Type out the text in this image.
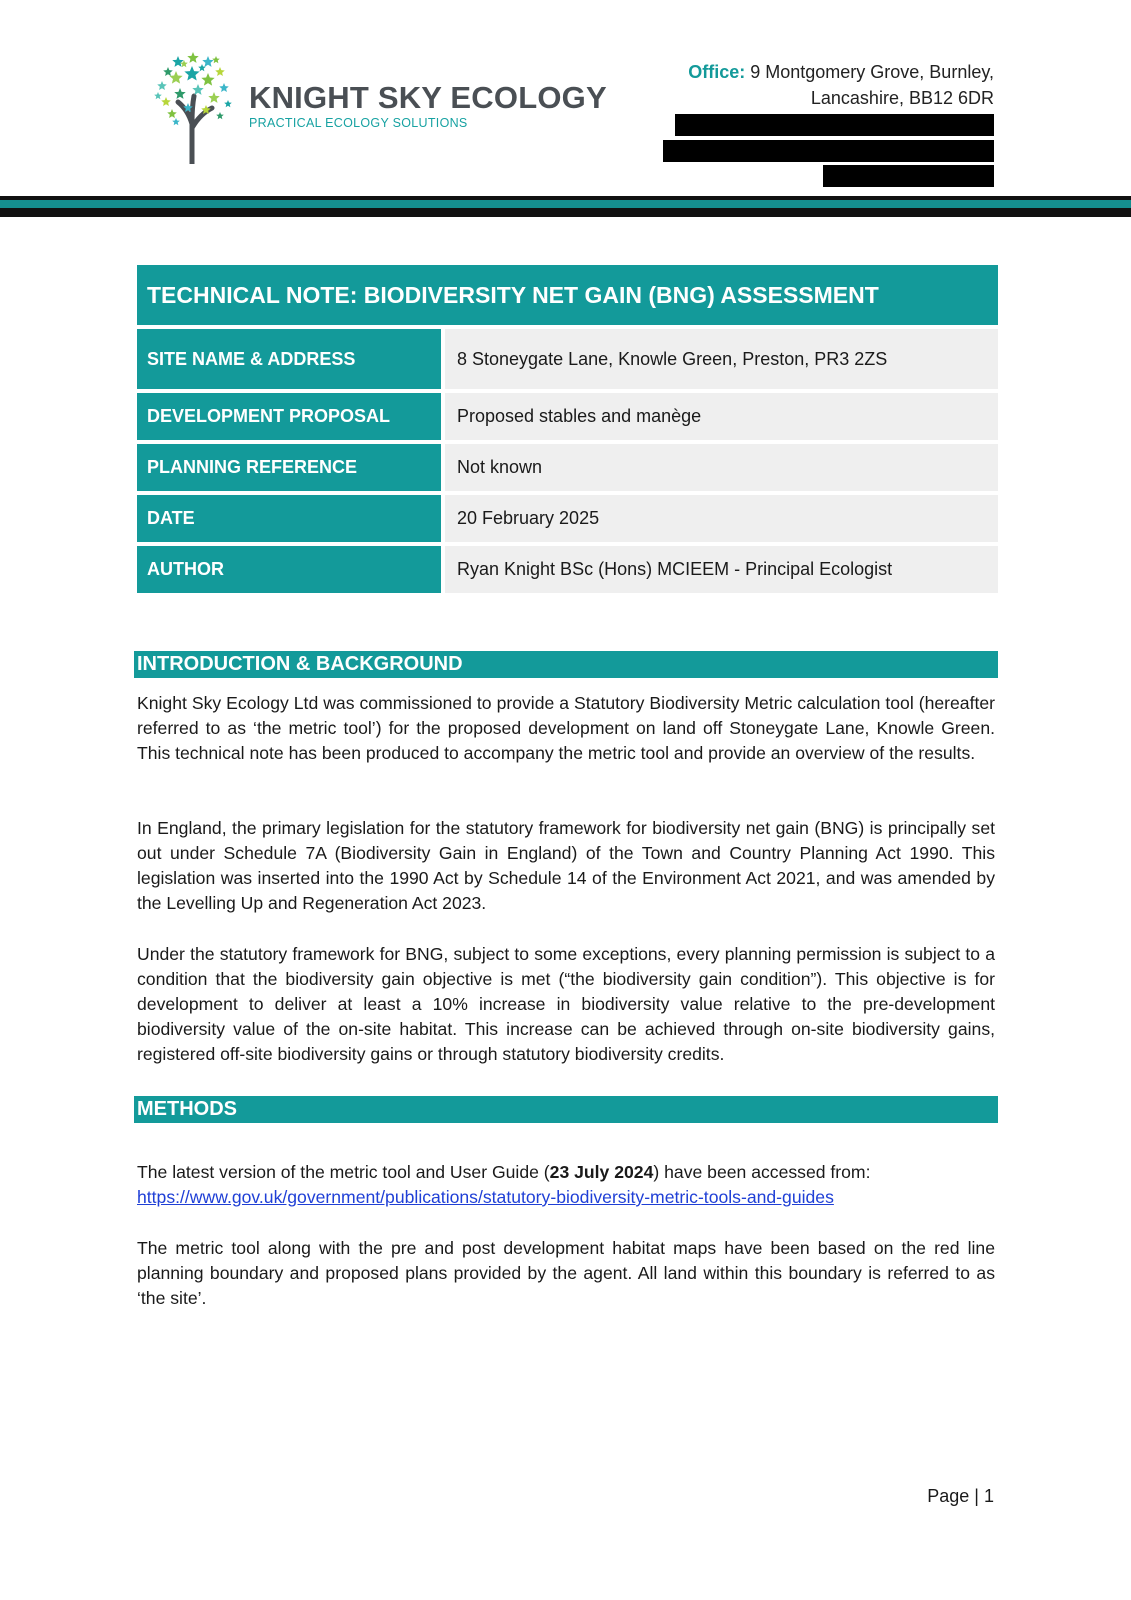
KNIGHT SKY ECOLOGY
PRACTICAL ECOLOGY SOLUTIONS
Office: 9 Montgomery Grove, Burnley,
Lancashire, BB12 6DR
TECHNICAL NOTE: BIODIVERSITY NET GAIN (BNG) ASSESSMENT
SITE NAME & ADDRESS	8 Stoneygate Lane, Knowle Green, Preston, PR3 2ZS
DEVELOPMENT PROPOSAL	Proposed stables and manège
PLANNING REFERENCE	Not known
DATE	20 February 2025
AUTHOR	Ryan Knight BSc (Hons) MCIEEM - Principal Ecologist
INTRODUCTION & BACKGROUND
Knight Sky Ecology Ltd was commissioned to provide a Statutory Biodiversity Metric calculation tool (hereafter referred to as ‘the metric tool’) for the proposed development on land off Stoneygate Lane, Knowle Green. This technical note has been produced to accompany the metric tool and provide an overview of the results.
In England, the primary legislation for the statutory framework for biodiversity net gain (BNG) is principally set out under Schedule 7A (Biodiversity Gain in England) of the Town and Country Planning Act 1990. This legislation was inserted into the 1990 Act by Schedule 14 of the Environment Act 2021, and was amended by the Levelling Up and Regeneration Act 2023.
Under the statutory framework for BNG, subject to some exceptions, every planning permission is subject to a condition that the biodiversity gain objective is met (“the biodiversity gain condition”). This objective is for development to deliver at least a 10% increase in biodiversity value relative to the pre-development biodiversity value of the on-site habitat. This increase can be achieved through on-site biodiversity gains, registered off-site biodiversity gains or through statutory biodiversity credits.
METHODS
The latest version of the metric tool and User Guide (23 July 2024) have been accessed from:
https://www.gov.uk/government/publications/statutory-biodiversity-metric-tools-and-guides
The metric tool along with the pre and post development habitat maps have been based on the red line planning boundary and proposed plans provided by the agent. All land within this boundary is referred to as ‘the site’.
Page | 1
